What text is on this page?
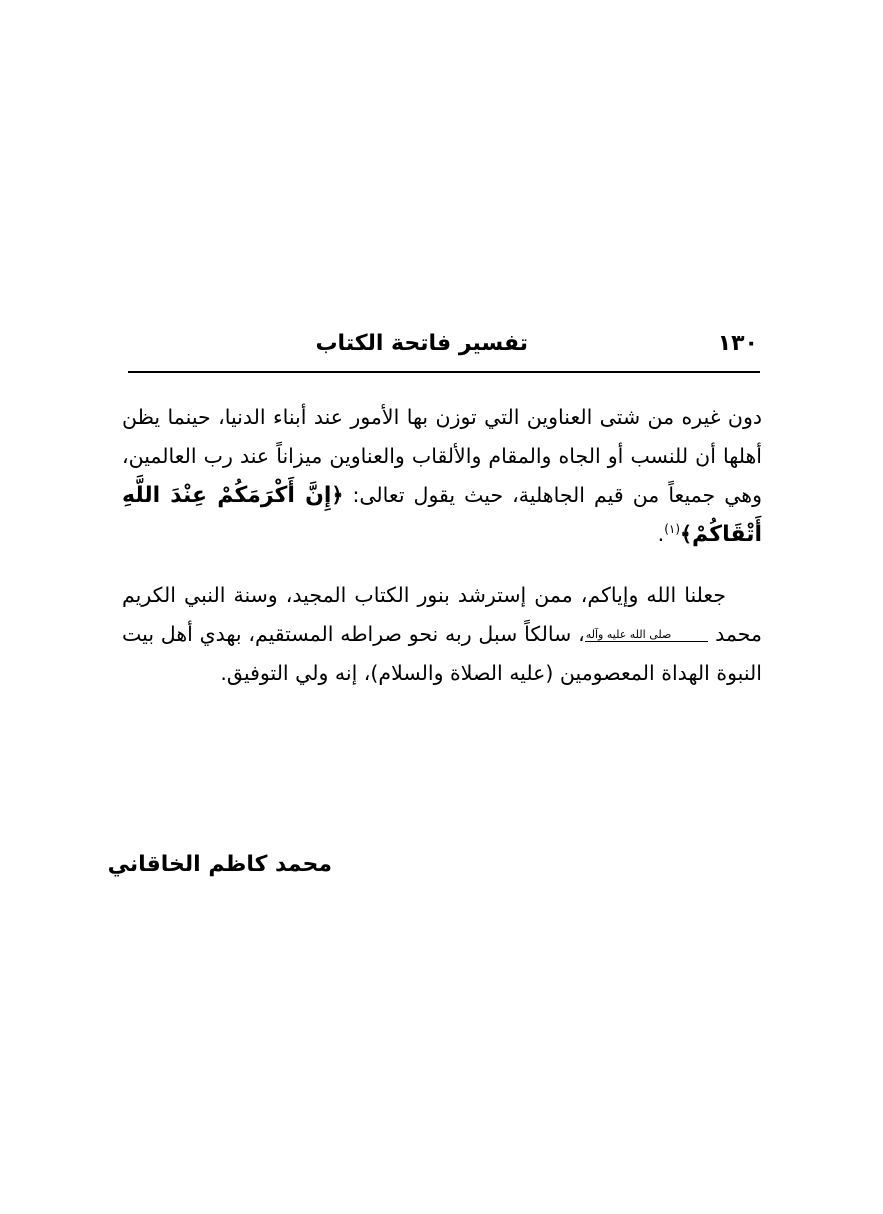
١٣٠
تفسير فاتحة الكتاب

دون غيره من شتى العناوين التي توزن بها الأمور عند أبناء الدنيا، حينما يظن أهلها أن للنسب أو الجاه والمقام والألقاب والعناوين ميزاناً عند رب العالمين، وهي جميعاً من قيم الجاهلية، حيث يقول تعالى: ﴿إِنَّ أَكْرَمَكُمْ عِنْدَ اللَّهِ أَتْقَاكُمْ﴾$^{(١)}$.

جعلنا الله وإياكم، ممن إسترشد بنور الكتاب المجيد، وسنة النبي الكريم محمد صلى الله عليه وآله، سالكاً سبل ربه نحو صراطه المستقيم، بهدي أهل بيت النبوة الهداة المعصومين (عليه الصلاة والسلام)، إنه ولي التوفيق.

محمد كاظم الخاقاني
